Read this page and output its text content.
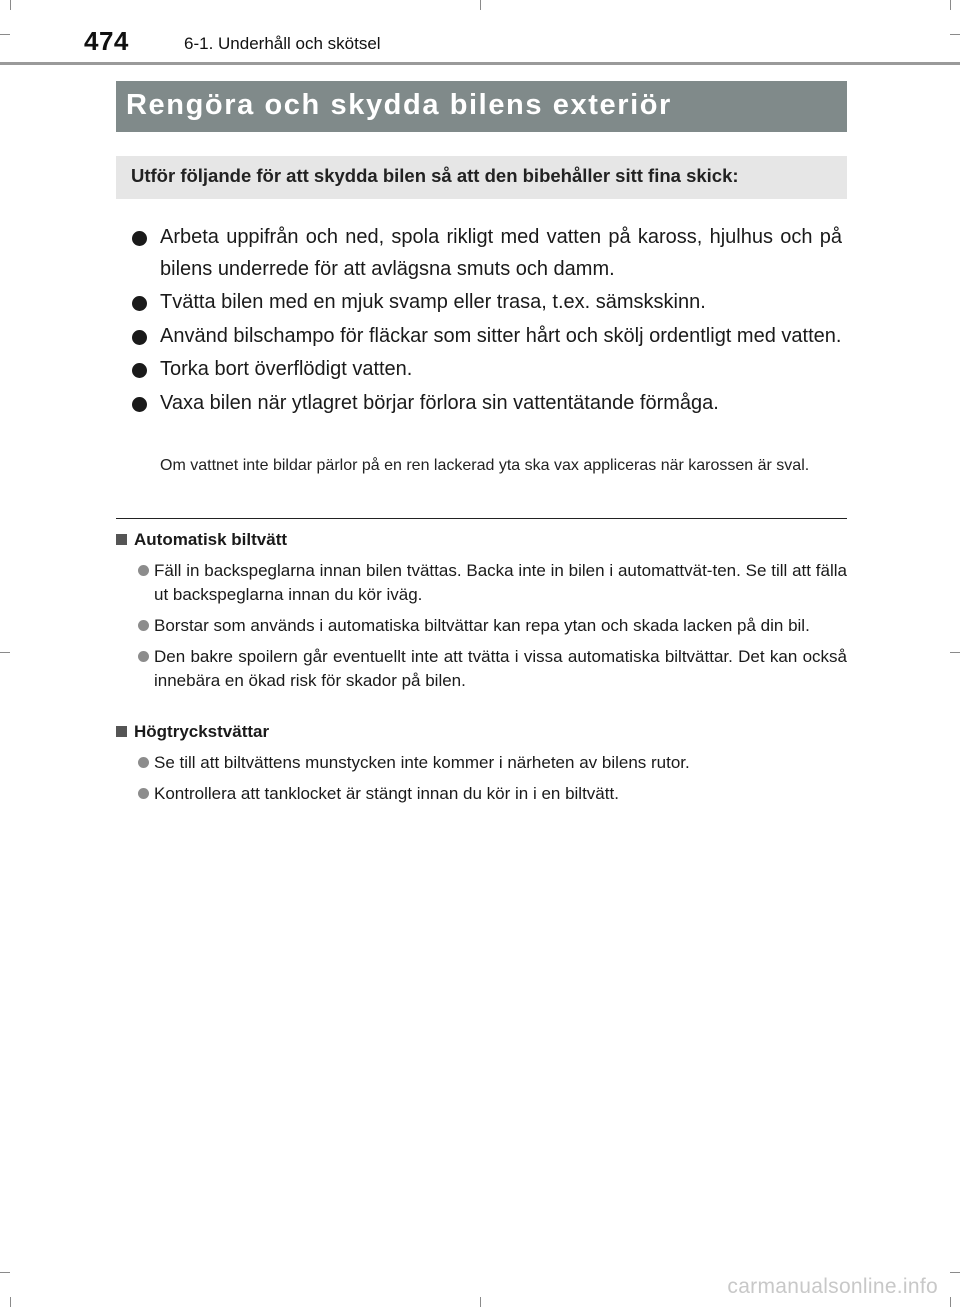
474	6-1. Underhåll och skötsel
Rengöra och skydda bilens exteriör
Utför följande för att skydda bilen så att den bibehåller sitt fina skick:
Arbeta uppifrån och ned, spola rikligt med vatten på kaross, hjulhus och på bilens underrede för att avlägsna smuts och damm.
Tvätta bilen med en mjuk svamp eller trasa, t.ex. sämskskinn.
Använd bilschampo för fläckar som sitter hårt och skölj ordentligt med vatten.
Torka bort överflödigt vatten.
Vaxa bilen när ytlagret börjar förlora sin vattentätande förmåga.
Om vattnet inte bildar pärlor på en ren lackerad yta ska vax appliceras när karossen är sval.
Automatisk biltvätt
Fäll in backspeglarna innan bilen tvättas. Backa inte in bilen i automattvät-ten. Se till att fälla ut backspeglarna innan du kör iväg.
Borstar som används i automatiska biltvättar kan repa ytan och skada lacken på din bil.
Den bakre spoilern går eventuellt inte att tvätta i vissa automatiska biltvättar. Det kan också innebära en ökad risk för skador på bilen.
Högtryckstvättar
Se till att biltvättens munstycken inte kommer i närheten av bilens rutor.
Kontrollera att tanklocket är stängt innan du kör in i en biltvätt.
carmanualsonline.info
